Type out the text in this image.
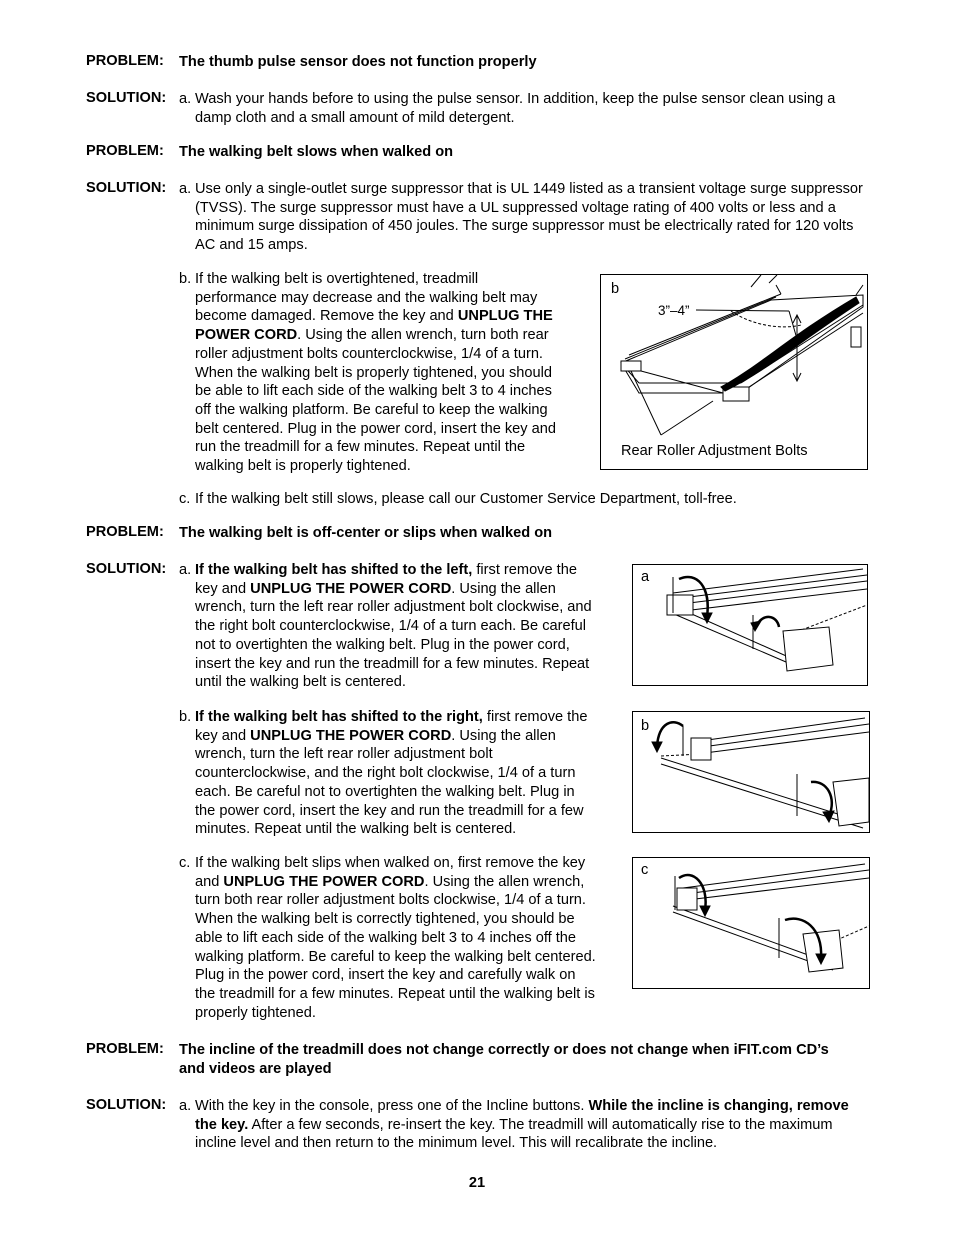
PROBLEM: The thumb pulse sensor does not function properly
SOLUTION: a. Wash your hands before to using the pulse sensor. In addition, keep the pulse sensor clean using a damp cloth and a small amount of mild detergent.
PROBLEM: The walking belt slows when walked on
SOLUTION: a. Use only a single-outlet surge suppressor that is UL 1449 listed as a transient voltage surge suppressor (TVSS). The surge suppressor must have a UL suppressed voltage rating of 400 volts or less and a minimum surge dissipation of 450 joules. The surge suppressor must be electrically rated for 120 volts AC and 15 amps.
b. If the walking belt is overtightened, treadmill performance may decrease and the walking belt may become damaged. Remove the key and UNPLUG THE POWER CORD. Using the allen wrench, turn both rear roller adjustment bolts counterclockwise, 1/4 of a turn. When the walking belt is properly tightened, you should be able to lift each side of the walking belt 3 to 4 inches off the walking platform. Be careful to keep the walking belt centered. Plug in the power cord, insert the key and run the treadmill for a few minutes. Repeat until the walking belt is properly tightened.
c. If the walking belt still slows, please call our Customer Service Department, toll-free.
b
3”–4”
Rear Roller Adjustment Bolts
PROBLEM: The walking belt is off-center or slips when walked on
SOLUTION: a. If the walking belt has shifted to the left, first remove the key and UNPLUG THE POWER CORD. Using the allen wrench, turn the left rear roller adjustment bolt clockwise, and the right bolt counterclockwise, 1/4 of a turn each. Be careful not to overtighten the walking belt. Plug in the power cord, insert the key and run the treadmill for a few minutes. Repeat until the walking belt is centered.
b. If the walking belt has shifted to the right, first remove the key and UNPLUG THE POWER CORD. Using the allen wrench, turn the left rear roller adjustment bolt counterclockwise, and the right bolt clockwise, 1/4 of a turn each. Be careful not to overtighten the walking belt. Plug in the power cord, insert the key and run the treadmill for a few minutes. Repeat until the walking belt is centered.
c. If the walking belt slips when walked on, first remove the key and UNPLUG THE POWER CORD. Using the allen wrench, turn both rear roller adjustment bolts clockwise, 1/4 of a turn. When the walking belt is correctly tightened, you should be able to lift each side of the walking belt 3 to 4 inches off the walking platform. Be careful to keep the walking belt centered. Plug in the power cord, insert the key and carefully walk on the treadmill for a few minutes. Repeat until the walking belt is properly tightened.
a
b
c
PROBLEM: The incline of the treadmill does not change correctly or does not change when iFIT.com CD’s and videos are played
SOLUTION: a. With the key in the console, press one of the Incline buttons. While the incline is changing, remove the key. After a few seconds, re-insert the key. The treadmill will automatically rise to the maximum incline level and then return to the minimum level. This will recalibrate the incline.
21
